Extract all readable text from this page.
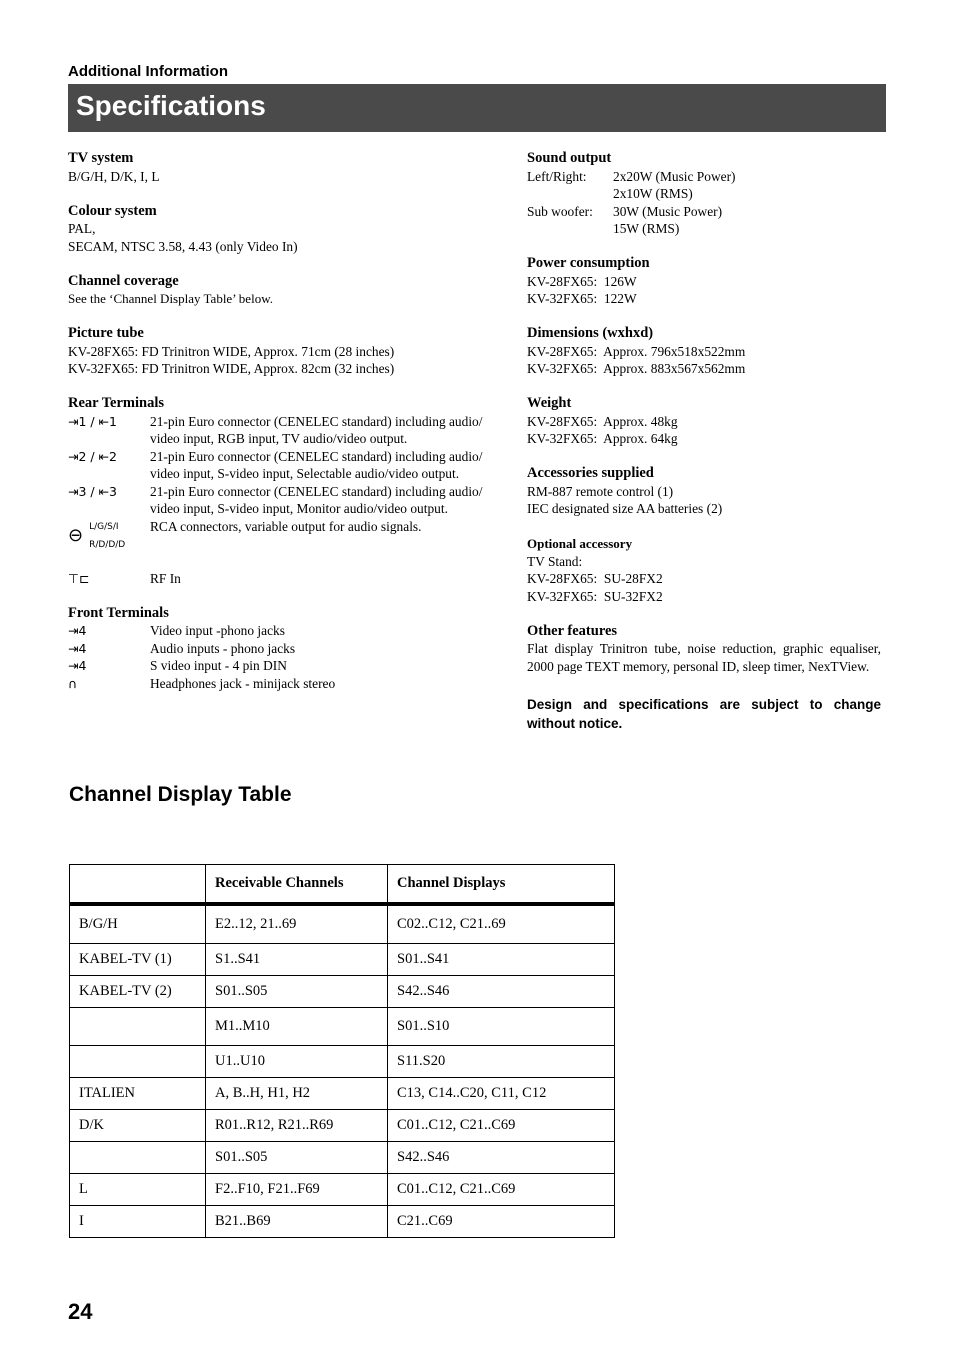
Additional Information
Specifications
TV system
B/G/H, D/K, I, L
Colour system
PAL,
SECAM, NTSC 3.58, 4.43 (only Video In)
Channel coverage
See the ‘Channel Display Table’ below.
Picture tube
KV-28FX65: FD Trinitron WIDE, Approx. 71cm (28 inches)
KV-32FX65: FD Trinitron WIDE, Approx. 82cm (32 inches)
Rear Terminals
⇥1 / ⇤1	21-pin Euro connector (CENELEC standard) including audio/ video input, RGB input, TV audio/video output.
⇥2 / ⇤2	21-pin Euro connector (CENELEC standard) including audio/ video input, S-video input, Selectable audio/video output.
⇥3 / ⇤3	21-pin Euro connector (CENELEC standard) including audio/ video input, S-video input, Monitor audio/video output.
⊖ L/G/S/I
R/D/D/D
RCA connectors, variable output for audio signals.
⊤⊏	RF In
Front Terminals
⇥4	Video input -phono jacks
⇥4	Audio inputs - phono jacks
⇥4	S video input - 4 pin DIN
∩	Headphones jack - minijack stereo
Sound output
Left/Right:	2x20W (Music Power)
2x10W (RMS)
Sub woofer:	30W (Music Power)
15W (RMS)
Power consumption
KV-28FX65:  126W
KV-32FX65:  122W
Dimensions (wxhxd)
KV-28FX65:  Approx. 796x518x522mm
KV-32FX65:  Approx. 883x567x562mm
Weight
KV-28FX65:  Approx. 48kg
KV-32FX65:  Approx. 64kg
Accessories supplied
RM-887 remote control (1)
IEC designated size AA batteries (2)
Optional accessory
TV Stand:
KV-28FX65:  SU-28FX2
KV-32FX65:  SU-32FX2
Other features
Flat display Trinitron tube, noise reduction, graphic equaliser, 2000 page TEXT memory, personal ID, sleep timer, NexTView.
Design and specifications are subject to change without notice.
Channel Display Table
	Receivable Channels	Channel Displays
B/G/H	E2..12, 21..69	C02..C12, C21..69
KABEL-TV (1)	S1..S41	S01..S41
KABEL-TV (2)	S01..S05	S42..S46
	M1..M10	S01..S10
	U1..U10	S11.S20
ITALIEN	A, B..H, H1, H2	C13, C14..C20, C11, C12
D/K	R01..R12, R21..R69	C01..C12, C21..C69
	S01..S05	S42..S46
L	F2..F10, F21..F69	C01..C12, C21..C69
I	B21..B69	C21..C69
24
